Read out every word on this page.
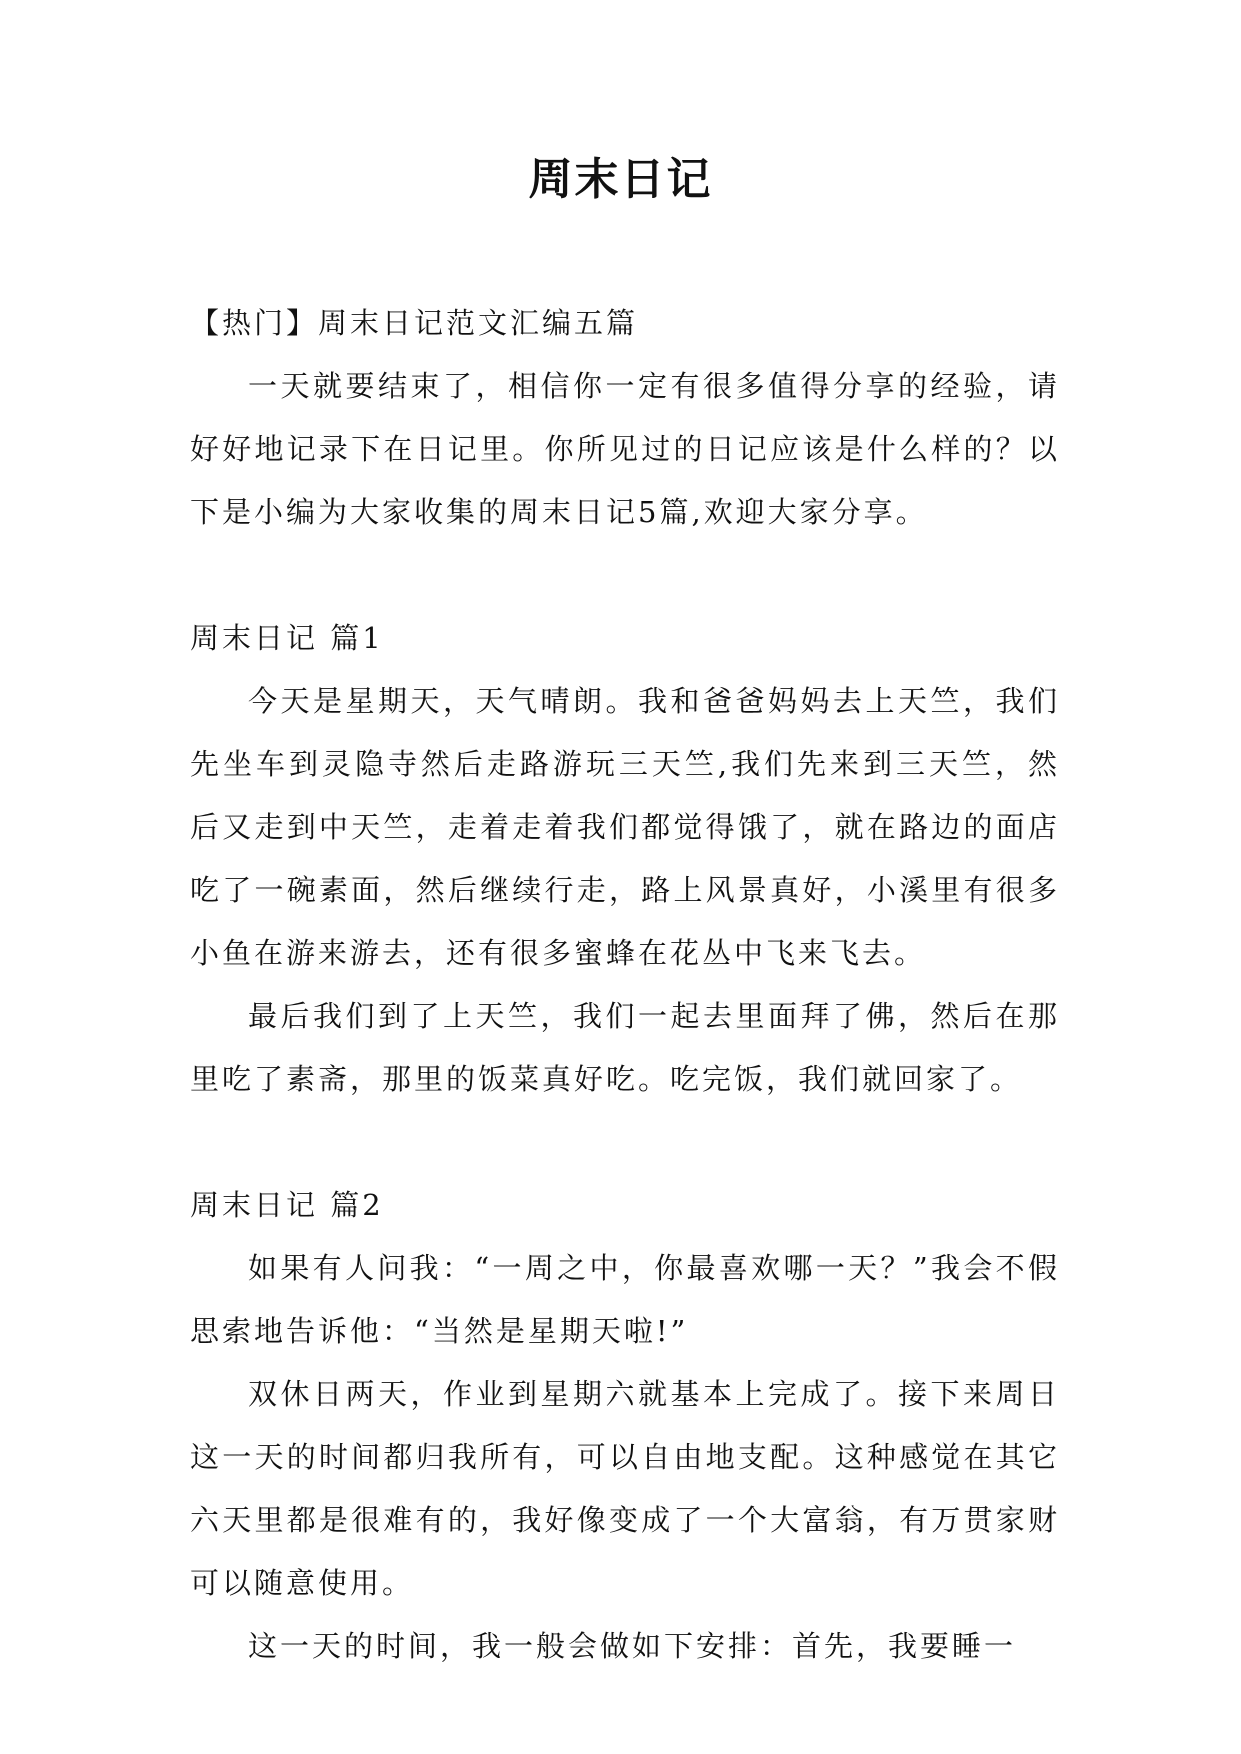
周末日记

【热门】周末日记范文汇编五篇

一天就要结束了，相信你一定有很多值得分享的经验，请好好地记录下在日记里。你所见过的日记应该是什么样的？以下是小编为大家收集的周末日记5篇,欢迎大家分享。

周末日记 篇1

今天是星期天，天气晴朗。我和爸爸妈妈去上天竺，我们先坐车到灵隐寺然后走路游玩三天竺,我们先来到三天竺，然后又走到中天竺，走着走着我们都觉得饿了，就在路边的面店吃了一碗素面，然后继续行走，路上风景真好，小溪里有很多小鱼在游来游去，还有很多蜜蜂在花丛中飞来飞去。

最后我们到了上天竺，我们一起去里面拜了佛，然后在那里吃了素斋，那里的饭菜真好吃。吃完饭，我们就回家了。

周末日记 篇2

如果有人问我：“一周之中，你最喜欢哪一天？”我会不假思索地告诉他：“当然是星期天啦!”

双休日两天，作业到星期六就基本上完成了。接下来周日这一天的时间都归我所有，可以自由地支配。这种感觉在其它六天里都是很难有的，我好像变成了一个大富翁，有万贯家财可以随意使用。

这一天的时间，我一般会做如下安排：首先，我要睡一
